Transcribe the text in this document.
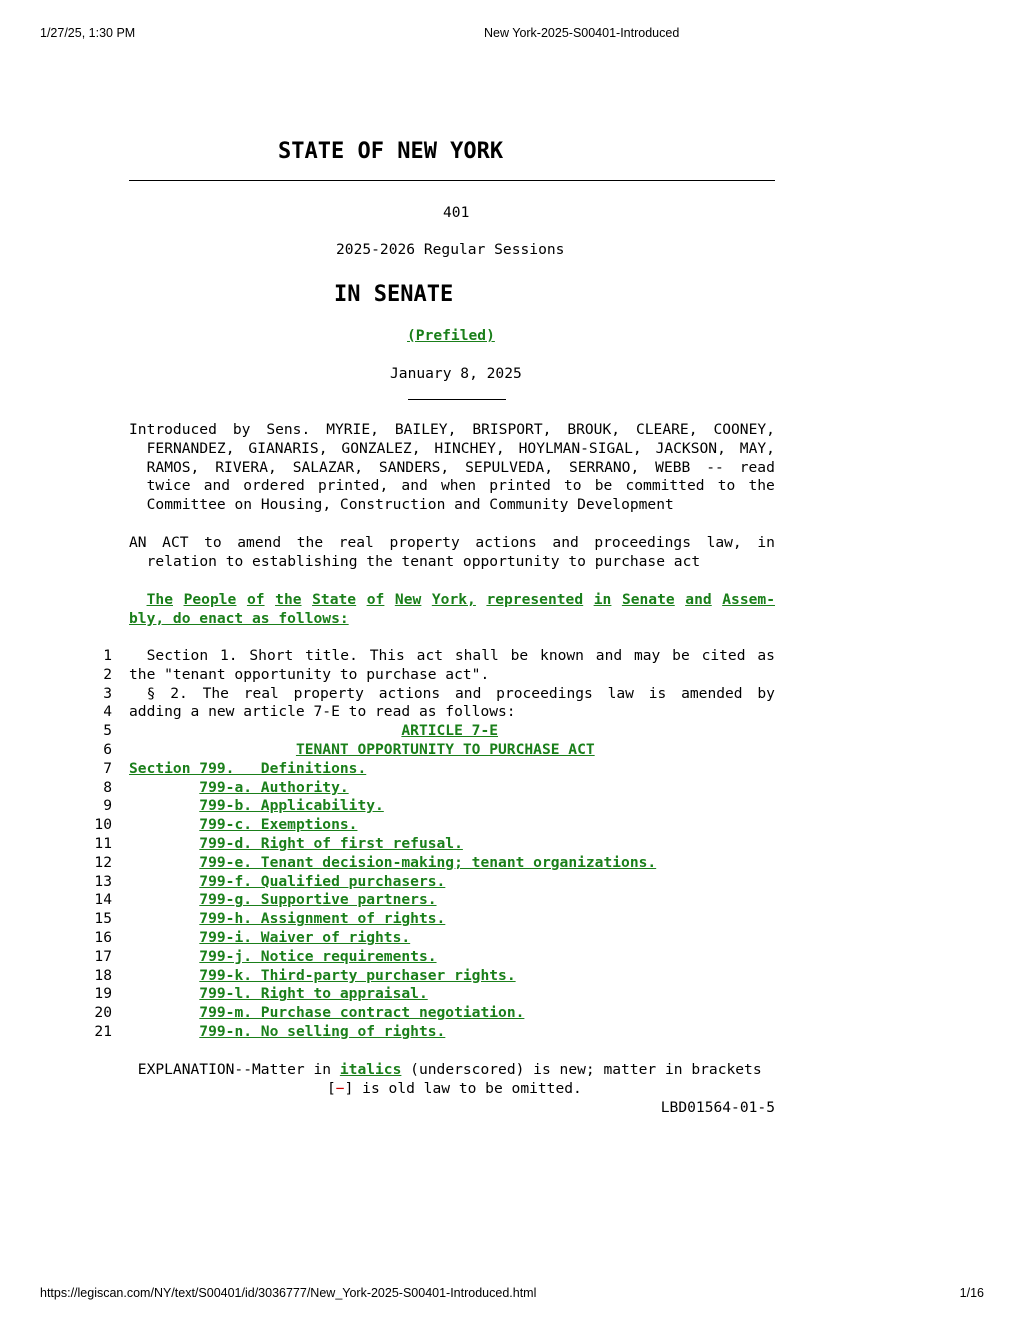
1/27/25, 1:30 PM	New York-2025-S00401-Introduced
STATE OF NEW YORK
401
2025-2026 Regular Sessions
IN SENATE
(Prefiled)
January 8, 2025
Introduced by Sens. MYRIE, BAILEY, BRISPORT, BROUK, CLEARE, COONEY,
FERNANDEZ, GIANARIS, GONZALEZ, HINCHEY, HOYLMAN-SIGAL, JACKSON, MAY,
RAMOS, RIVERA, SALAZAR, SANDERS, SEPULVEDA, SERRANO, WEBB -- read
twice and ordered printed, and when printed to be committed to the
Committee on Housing, Construction and Community Development
AN ACT to amend the real property actions and proceedings law, in
relation to establishing the tenant opportunity to purchase act
The People of the State of New York, represented in Senate and Assem-
bly, do enact as follows:
1 Section 1. Short title. This act shall be known and may be cited as
2 the "tenant opportunity to purchase act".
3 § 2. The real property actions and proceedings law is amended by
4 adding a new article 7-E to read as follows:
5	ARTICLE 7-E
6	TENANT OPPORTUNITY TO PURCHASE ACT
7 Section 799.   Definitions.
8	799-a. Authority.
9	799-b. Applicability.
10	799-c. Exemptions.
11	799-d. Right of first refusal.
12	799-e. Tenant decision-making; tenant organizations.
13	799-f. Qualified purchasers.
14	799-g. Supportive partners.
15	799-h. Assignment of rights.
16	799-i. Waiver of rights.
17	799-j. Notice requirements.
18	799-k. Third-party purchaser rights.
19	799-l. Right to appraisal.
20	799-m. Purchase contract negotiation.
21	799-n. No selling of rights.
EXPLANATION--Matter in italics (underscored) is new; matter in brackets
[−] is old law to be omitted.
LBD01564-01-5
https://legiscan.com/NY/text/S00401/id/3036777/New_York-2025-S00401-Introduced.html	1/16
